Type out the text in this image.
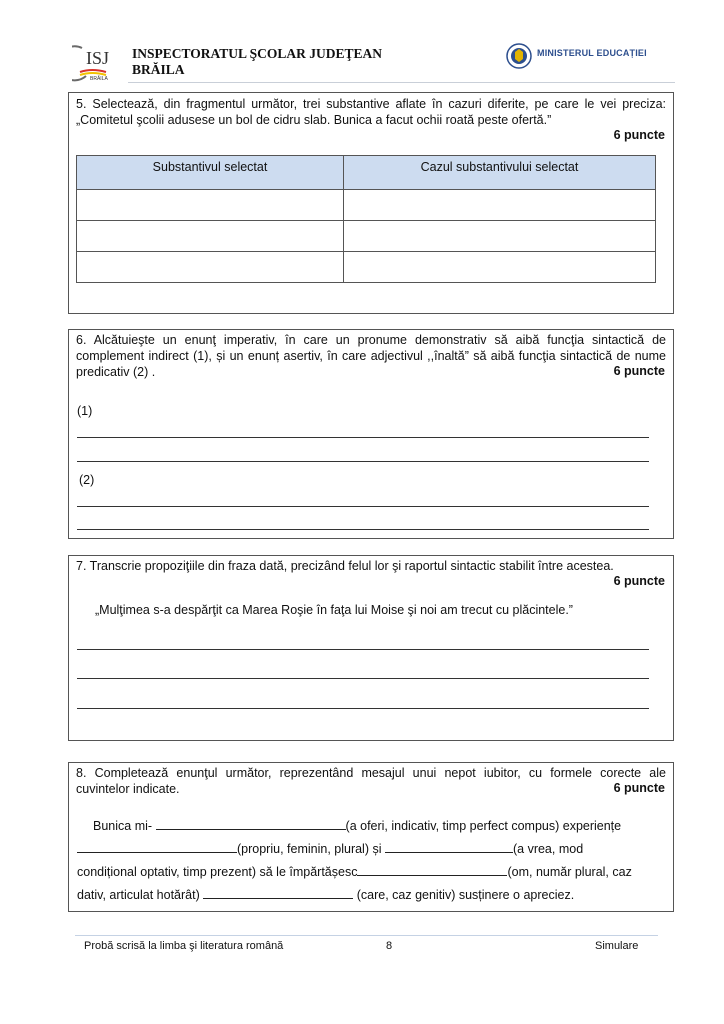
ISJ
BRĂILA
INSPECTORATUL ŞCOLAR JUDEŢEAN
BRĂILA
MINISTERUL EDUCAȚIEI
5. Selectează, din fragmentul următor, trei substantive aflate în cazuri diferite, pe care le vei preciza: „Comitetul şcolii adusese un bol de cidru slab. Bunica a facut ochii roată peste ofertă.”
6 puncte
Substantivul selectat	Cazul substantivului selectat

6. Alcătuieşte un enunţ imperativ, în care un pronume demonstrativ să aibă funcţia sintactică de complement indirect (1), și un enunț asertiv, în care adjectivul ,,înaltă” să aibă funcţia sintactică de nume predicativ (2) .	6 puncte
(1)
(2)
7. Transcrie propoziţiile din fraza dată, precizând felul lor şi raportul sintactic stabilit între acestea.
6 puncte
„Mulţimea s-a despărţit ca Marea Roşie în faţa lui Moise şi noi am trecut cu plăcintele.”
8. Completează enunţul următor, reprezentând mesajul unui nepot iubitor, cu formele corecte ale cuvintelor indicate.	6 puncte
Bunica mi-	(a oferi, indicativ, timp perfect compus) experiențe
(propriu, feminin, plural) și	(a vrea, mod
condițional optativ, timp prezent) să le împărtășesc	(om, număr plural, caz
dativ, articulat hotărât)	(care, caz genitiv) susținere o apreciez.
Probă scrisă la limba şi literatura română	8	Simulare
